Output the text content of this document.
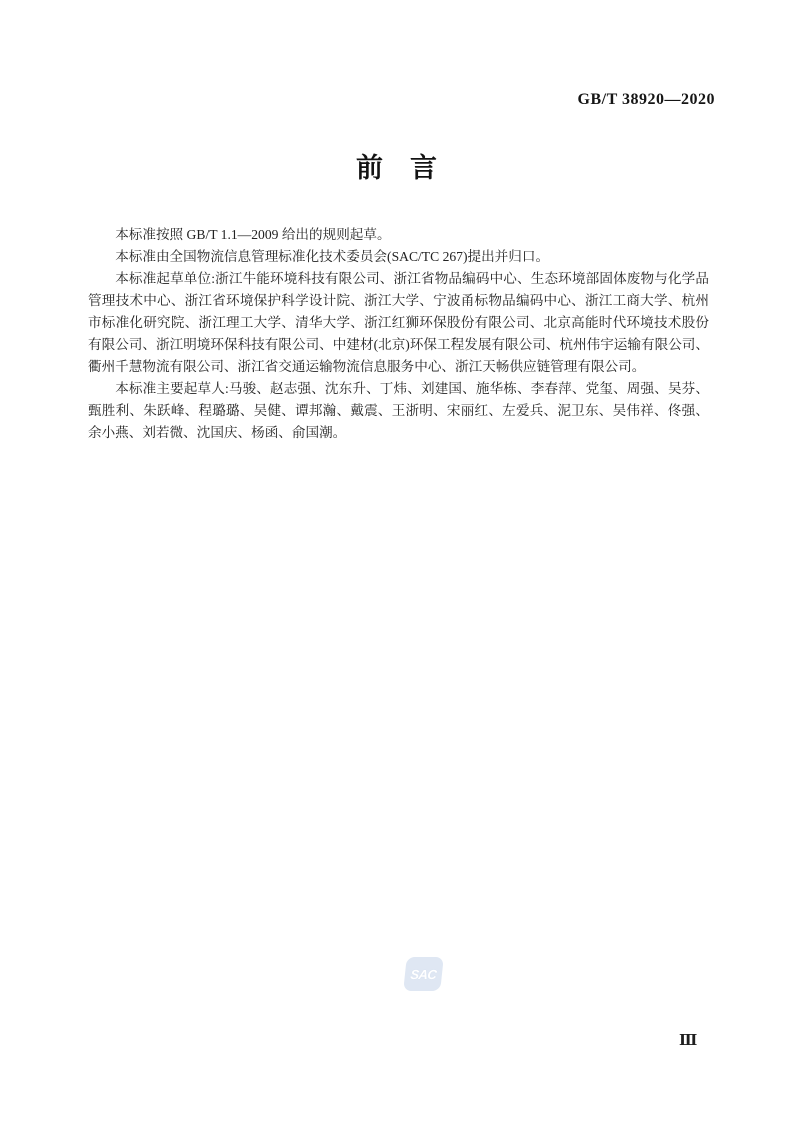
GB/T 38920—2020
前　言

本标准按照 GB/T 1.1—2009 给出的规则起草。

本标准由全国物流信息管理标准化技术委员会(SAC/TC 267)提出并归口。

本标准起草单位:浙江牛能环境科技有限公司、浙江省物品编码中心、生态环境部固体废物与化学品管理技术中心、浙江省环境保护科学设计院、浙江大学、宁波甬标物品编码中心、浙江工商大学、杭州市标准化研究院、浙江理工大学、清华大学、浙江红狮环保股份有限公司、北京高能时代环境技术股份有限公司、浙江明境环保科技有限公司、中建材(北京)环保工程发展有限公司、杭州伟宇运输有限公司、衢州千慧物流有限公司、浙江省交通运输物流信息服务中心、浙江天畅供应链管理有限公司。

本标准主要起草人:马骏、赵志强、沈东升、丁炜、刘建国、施华栋、李春萍、党玺、周强、吴芬、甄胜利、朱跃峰、程璐璐、吴健、谭邦瀚、戴震、王浙明、宋丽红、左爱兵、泥卫东、吴伟祥、佟强、余小燕、刘若微、沈国庆、杨函、俞国潮。

SAC
Ⅲ
